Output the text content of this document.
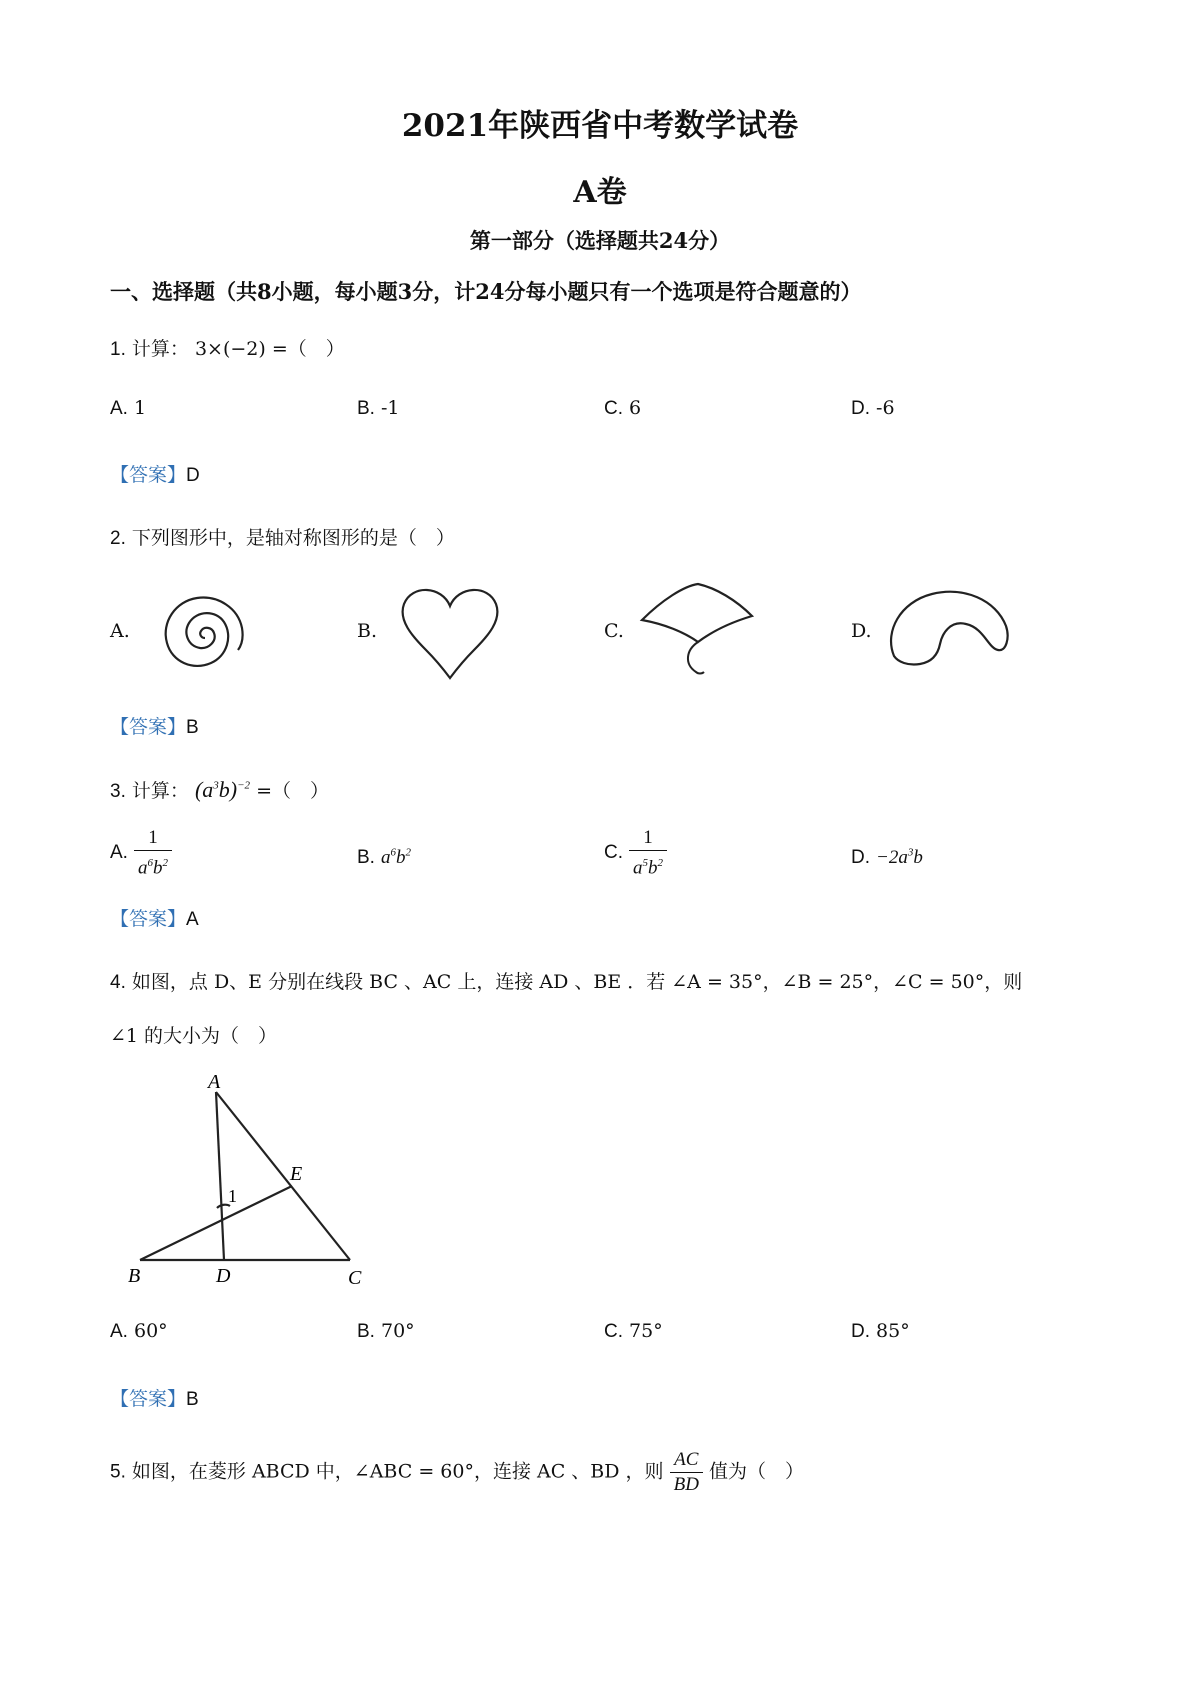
2021年陕西省中考数学试卷
A卷
第一部分（选择题共24分）
一、选择题（共8小题，每小题3分，计24分每小题只有一个选项是符合题意的）
1. 计算： 3×(−2) =（　）
A. 1	B. -1	C. 6	D. -6
【答案】D
2. 下列图形中，是轴对称图形的是（　）
A.	B.	C.	D.
【答案】B
3. 计算： $(a^3b)^{-2}$ =（　）
A. $\frac{1}{a^6b^2}$	B. $a^6b^2$	C. $\frac{1}{a^5b^2}$	D. $-2a^3b$
【答案】A
4. 如图，点 D、E 分别在线段 BC 、AC 上，连接 AD 、BE ．若 ∠A = 35°，∠B = 25°，∠C = 50°，则
∠1 的大小为（　）
A
B	D	C
E
1
A. 60°	B. 70°	C. 75°	D. 85°
【答案】B
5. 如图，在菱形 ABCD 中，∠ABC = 60°，连接 AC 、BD ，则 $\frac{AC}{BD}$ 值为（　）
